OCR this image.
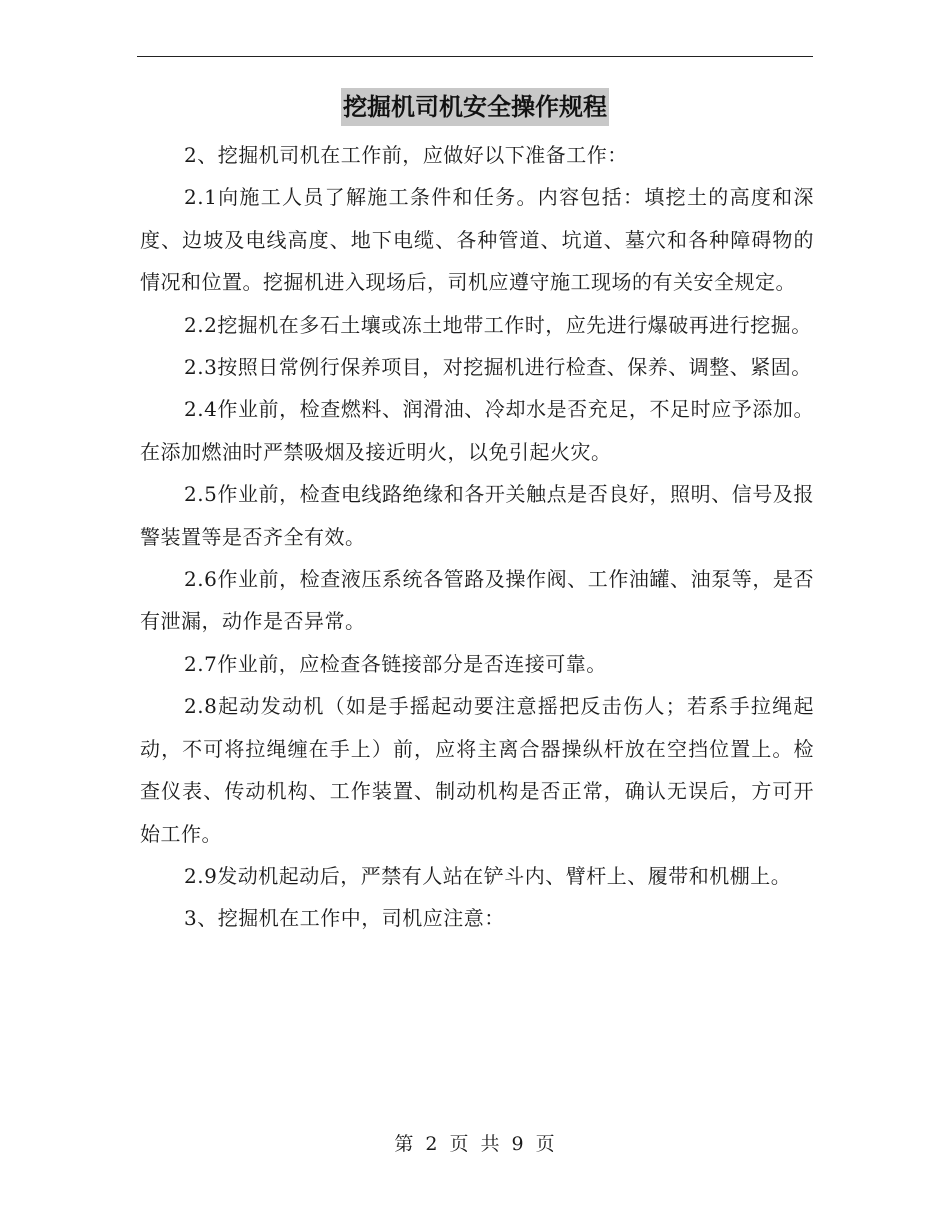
挖掘机司机安全操作规程

2、挖掘机司机在工作前，应做好以下准备工作：

2.1向施工人员了解施工条件和任务。内容包括：填挖土的高度和深度、边坡及电线高度、地下电缆、各种管道、坑道、墓穴和各种障碍物的情况和位置。挖掘机进入现场后，司机应遵守施工现场的有关安全规定。

2.2挖掘机在多石土壤或冻土地带工作时，应先进行爆破再进行挖掘。

2.3按照日常例行保养项目，对挖掘机进行检查、保养、调整、紧固。

2.4作业前，检查燃料、润滑油、冷却水是否充足，不足时应予添加。在添加燃油时严禁吸烟及接近明火，以免引起火灾。

2.5作业前，检查电线路绝缘和各开关触点是否良好，照明、信号及报警装置等是否齐全有效。

2.6作业前，检查液压系统各管路及操作阀、工作油罐、油泵等，是否有泄漏，动作是否异常。

2.7作业前，应检查各链接部分是否连接可靠。

2.8起动发动机（如是手摇起动要注意摇把反击伤人；若系手拉绳起动，不可将拉绳缠在手上）前，应将主离合器操纵杆放在空挡位置上。检查仪表、传动机构、工作装置、制动机构是否正常，确认无误后，方可开始工作。

2.9发动机起动后，严禁有人站在铲斗内、臂杆上、履带和机棚上。

3、挖掘机在工作中，司机应注意：

第 2 页 共 9 页
